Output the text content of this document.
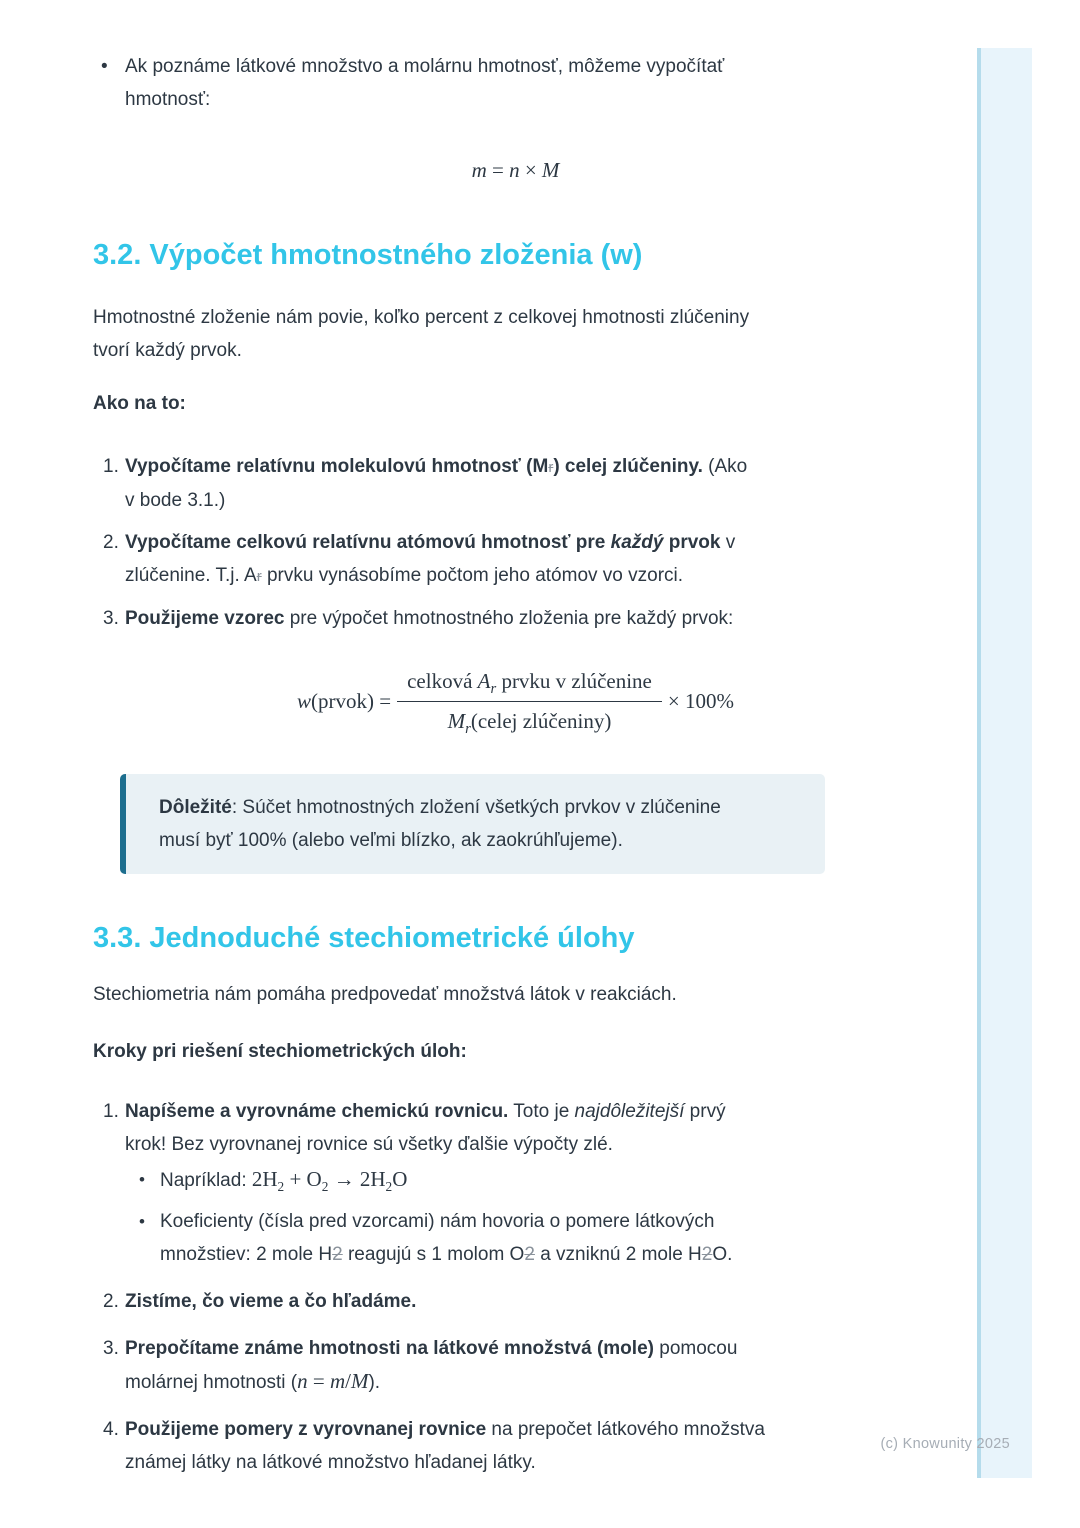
•
Ak poznáme látkové množstvo a molárnu hmotnosť, môžeme vypočítať
hmotnosť:
m = n × M
3.2. Výpočet hmotnostného zloženia (w)

Hmotnostné zloženie nám povie, koľko percent z celkovej hmotnosti zlúčeniny
tvorí každý prvok.

Ako na to:

1. Vypočítame relatívnu molekulovú hmotnosť (Mr) celej zlúčeniny. (Ako
v bode 3.1.)
2. Vypočítame celkovú relatívnu atómovú hmotnosť pre každý prvok v
zlúčenine. T.j. Ar prvku vynásobíme počtom jeho atómov vo vzorci.
3. Použijeme vzorec pre výpočet hmotnostného zloženia pre každý prvok:
w(prvok) = $\frac{celková A_r prvku v zlúčenine}{M_r(celej zlúčeniny)} \times 100\%$
Dôležité: Súčet hmotnostných zložení všetkých prvkov v zlúčenine
musí byť 100% (alebo veľmi blízko, ak zaokrúhľujeme).
3.3. Jednoduché stechiometrické úlohy

Stechiometria nám pomáha predpovedať množstvá látok v reakciách.

Kroky pri riešení stechiometrických úloh:

1. Napíšeme a vyrovnáme chemickú rovnicu. Toto je najdôležitejší prvý
krok! Bez vyrovnanej rovnice sú všetky ďalšie výpočty zlé.
•
Napríklad: $2H_2 + O_2 \to 2H_2O$
•
Koeficienty (čísla pred vzorcami) nám hovoria o pomere látkových
množstiev: 2 mole H2 reagujú s 1 molom O2 a vzniknú 2 mole H2O.
2. Zistíme, čo vieme a čo hľadáme.
3. Prepočítame známe hmotnosti na látkové množstvá (mole) pomocou
molárnej hmotnosti (n = m/M).
4. Použijeme pomery z vyrovnanej rovnice na prepočet látkového množstva
známej látky na látkové množstvo hľadanej látky.
(c) Knowunity 2025
